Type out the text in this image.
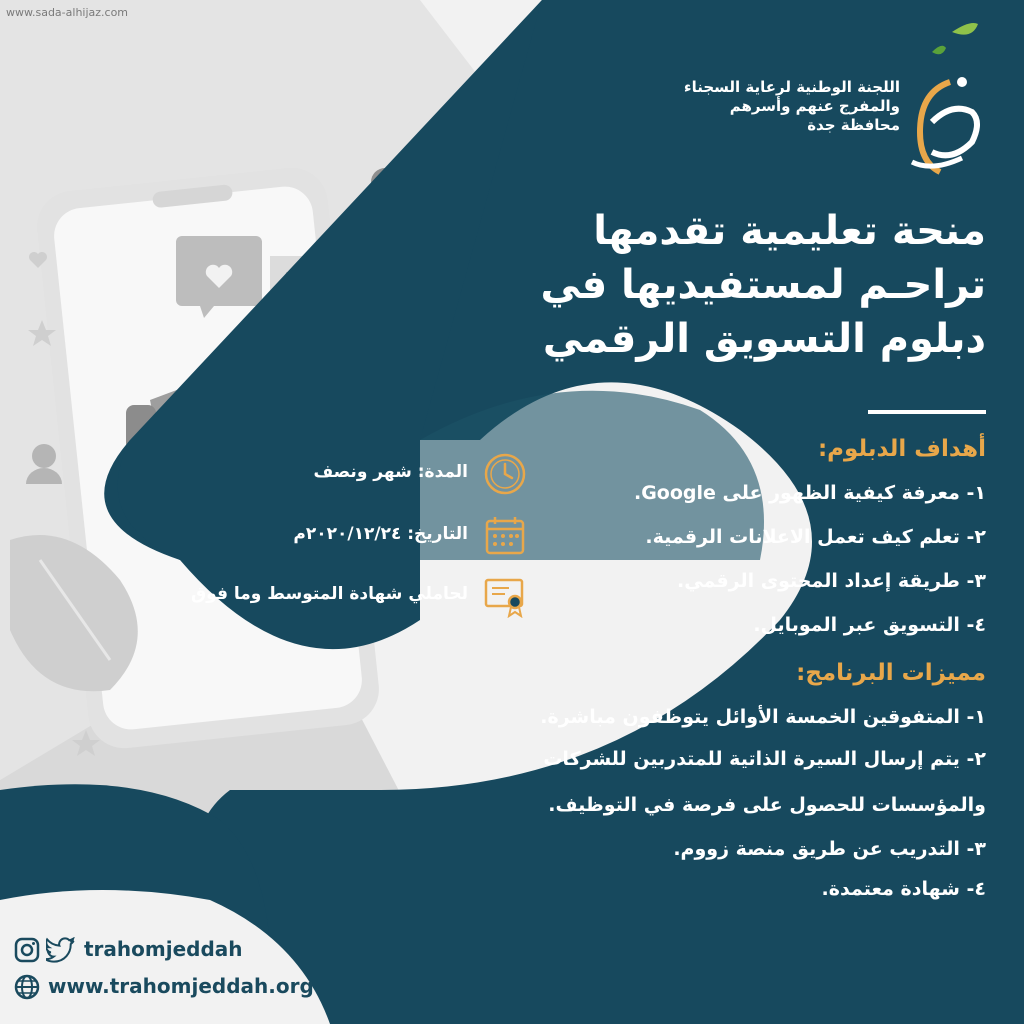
www.sada-alhijaz.com
اللجنة الوطنية لرعاية السجناء
والمفرج عنهم وأسرهم
محافظة جدة
منحة تعليمية تقدمها
تراحـم لمستفيديها في
دبلوم التسويق الرقمي
أهداف الدبلوم:
١- معرفة كيفية الظهور على Google.
٢- تعلم كيف تعمل الاعلانات الرقمية.
٣- طريقة إعداد المحتوى الرقمي.
٤- التسويق عبر الموبايل.
مميزات البرنامج:
١- المتفوقين الخمسة الأوائل يتوظفون مباشرة.
٢- يتم إرسال السيرة الذاتية للمتدربين للشركات
والمؤسسات للحصول على فرصة في التوظيف.
٣- التدريب عن طريق منصة زووم.
٤- شهادة معتمدة.
المدة: شهر ونصف
التاريخ: ٢٠٢٠/١٢/٢٤م
لحاملي شهادة المتوسط وما فوق
trahomjeddah
www.trahomjeddah.org
